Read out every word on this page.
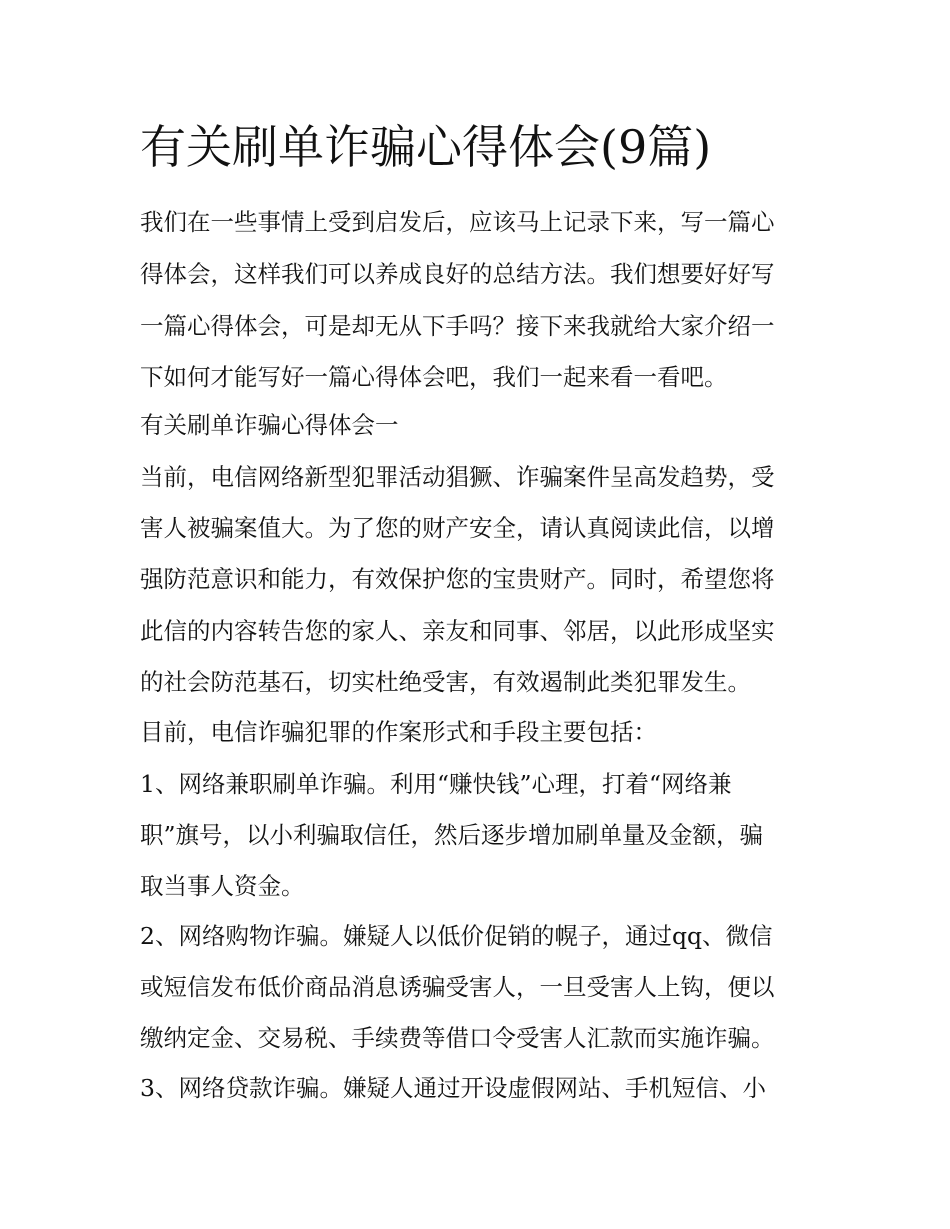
有关刷单诈骗心得体会(9篇)
我们在一些事情上受到启发后，应该马上记录下来，写一篇心
得体会，这样我们可以养成良好的总结方法。我们想要好好写
一篇心得体会，可是却无从下手吗？接下来我就给大家介绍一
下如何才能写好一篇心得体会吧，我们一起来看一看吧。
有关刷单诈骗心得体会一
当前，电信网络新型犯罪活动猖獗、诈骗案件呈高发趋势，受
害人被骗案值大。为了您的财产安全，请认真阅读此信，以增
强防范意识和能力，有效保护您的宝贵财产。同时，希望您将
此信的内容转告您的家人、亲友和同事、邻居，以此形成坚实
的社会防范基石，切实杜绝受害，有效遏制此类犯罪发生。
目前，电信诈骗犯罪的作案形式和手段主要包括：
1、网络兼职刷单诈骗。利用“赚快钱”心理，打着“网络兼
职”旗号，以小利骗取信任，然后逐步增加刷单量及金额，骗
取当事人资金。
2、网络购物诈骗。嫌疑人以低价促销的幌子，通过qq、微信
或短信发布低价商品消息诱骗受害人，一旦受害人上钩，便以
缴纳定金、交易税、手续费等借口令受害人汇款而实施诈骗。
3、网络贷款诈骗。嫌疑人通过开设虚假网站、手机短信、小
